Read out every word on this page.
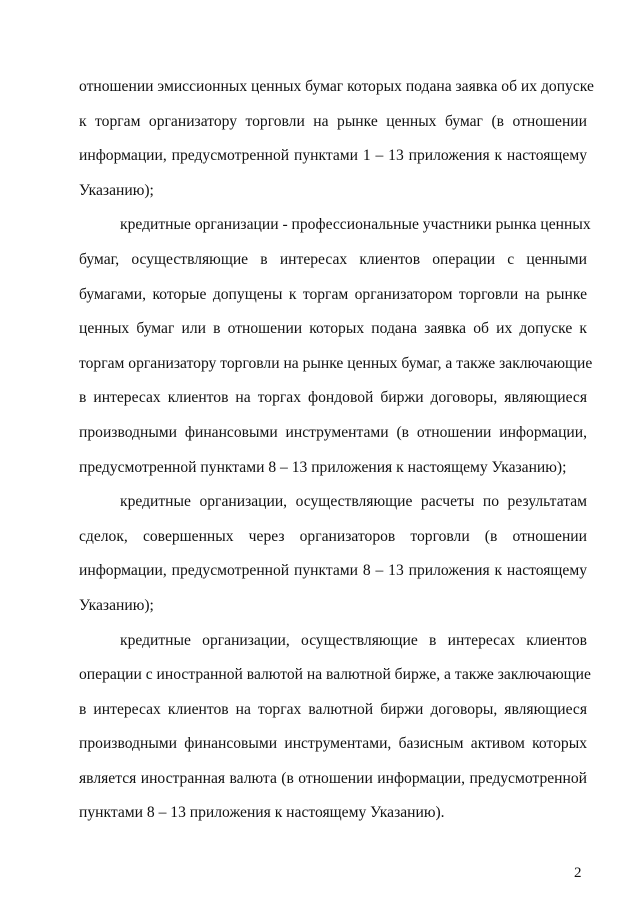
отношении эмиссионных ценных бумаг которых подана заявка об их допуске
к торгам организатору торговли на рынке ценных бумаг (в отношении
информации, предусмотренной пунктами 1 – 13 приложения к настоящему
Указанию);

кредитные организации - профессиональные участники рынка ценных
бумаг, осуществляющие в интересах клиентов операции с ценными
бумагами, которые допущены к торгам организатором торговли на рынке
ценных бумаг или в отношении которых подана заявка об их допуске к
торгам организатору торговли на рынке ценных бумаг, а также заключающие
в интересах клиентов на торгах фондовой биржи договоры, являющиеся
производными финансовыми инструментами (в отношении информации,
предусмотренной пунктами 8 – 13 приложения к настоящему Указанию);

кредитные организации, осуществляющие расчеты по результатам
сделок, совершенных через организаторов торговли (в отношении
информации, предусмотренной пунктами 8 – 13 приложения к настоящему
Указанию);

кредитные организации, осуществляющие в интересах клиентов
операции с иностранной валютой на валютной бирже, а также заключающие
в интересах клиентов на торгах валютной биржи договоры, являющиеся
производными финансовыми инструментами, базисным активом которых
является иностранная валюта (в отношении информации, предусмотренной
пунктами 8 – 13 приложения к настоящему Указанию).

2
